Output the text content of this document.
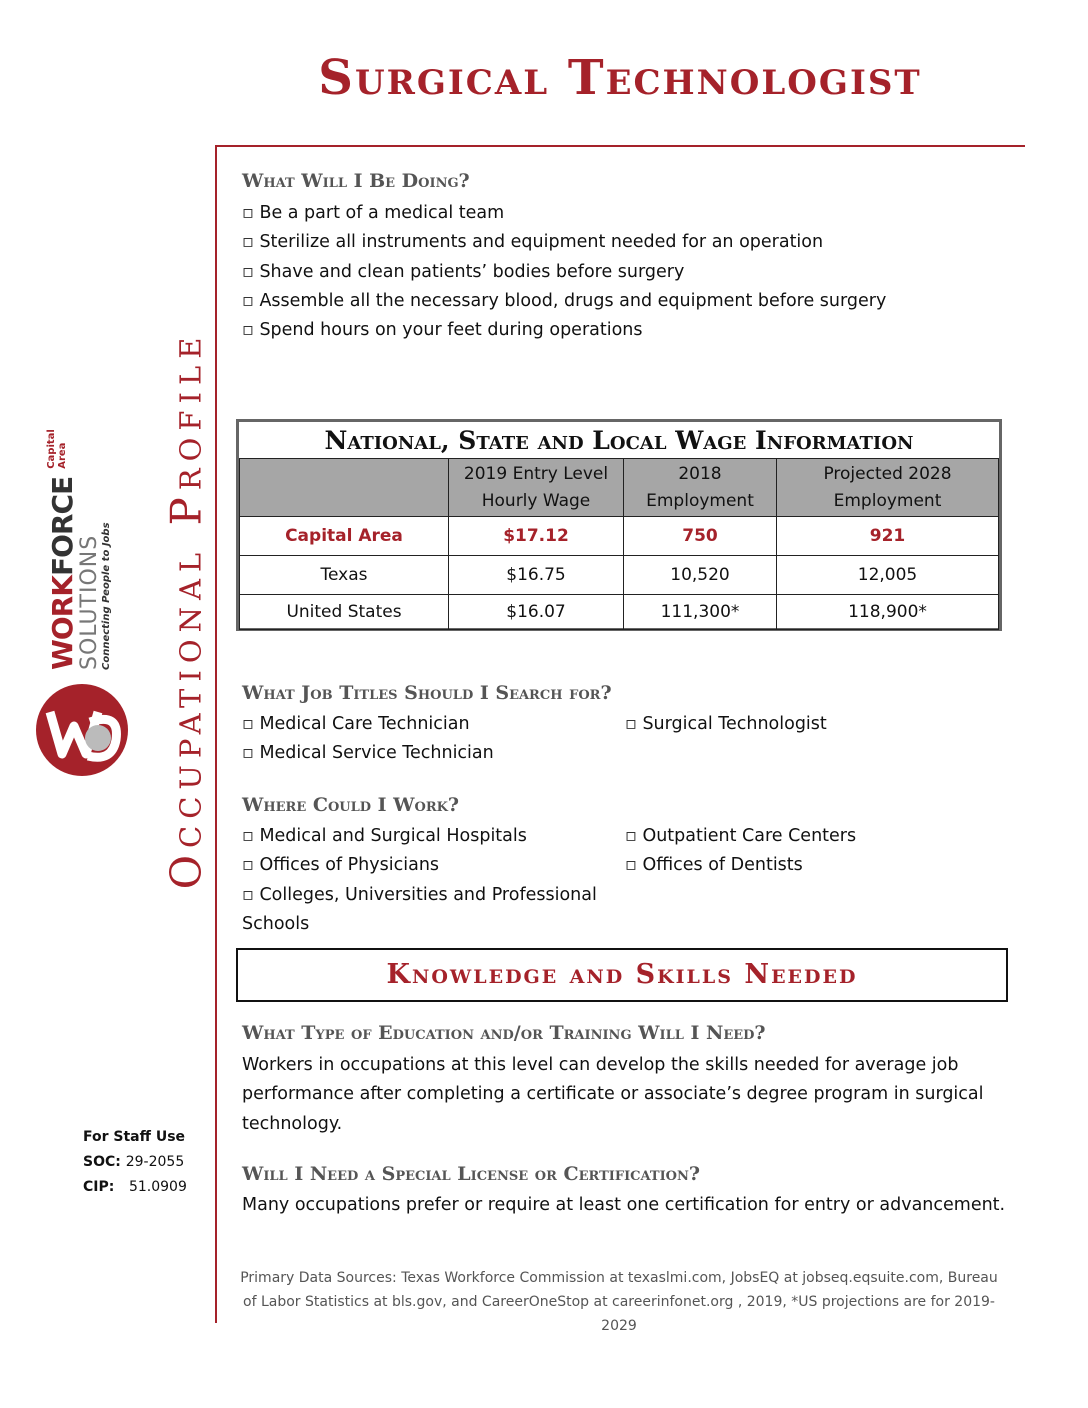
Surgical Technologist
Occupational Profile
WORKFORCE
Capital Area
SOLUTIONS Connecting People to Jobs
What Will I Be Doing?
▫ Be a part of a medical team
▫ Sterilize all instruments and equipment needed for an operation
▫ Shave and clean patients’ bodies before surgery
▫ Assemble all the necessary blood, drugs and equipment before surgery
▫ Spend hours on your feet during operations
National, State and Local Wage Information
	2019 Entry Level Hourly Wage	2018 Employment	Projected 2028 Employment
Capital Area	$17.12	750	921
Texas	$16.75	10,520	12,005
United States	$16.07	111,300*	118,900*
What Job Titles Should I Search for?
▫ Medical Care Technician
▫ Medical Service Technician
▫ Surgical Technologist
Where Could I Work?
▫ Medical and Surgical Hospitals
▫ Offices of Physicians
▫ Colleges, Universities and Professional Schools
▫ Outpatient Care Centers
▫ Offices of Dentists
Knowledge and Skills Needed
What Type of Education and/or Training Will I Need?

Workers in occupations at this level can develop the skills needed for average job performance after completing a certificate or associate’s degree program in surgical technology.

Will I Need a Special License or Certification?

Many occupations prefer or require at least one certification for entry or advancement.

For Staff Use
SOC: 29-2055
CIP: 51.0909
Primary Data Sources: Texas Workforce Commission at texaslmi.com, JobsEQ at jobseq.eqsuite.com, Bureau of Labor Statistics at bls.gov, and CareerOneStop at careerinfonet.org , 2019, *US projections are for 2019-2029
